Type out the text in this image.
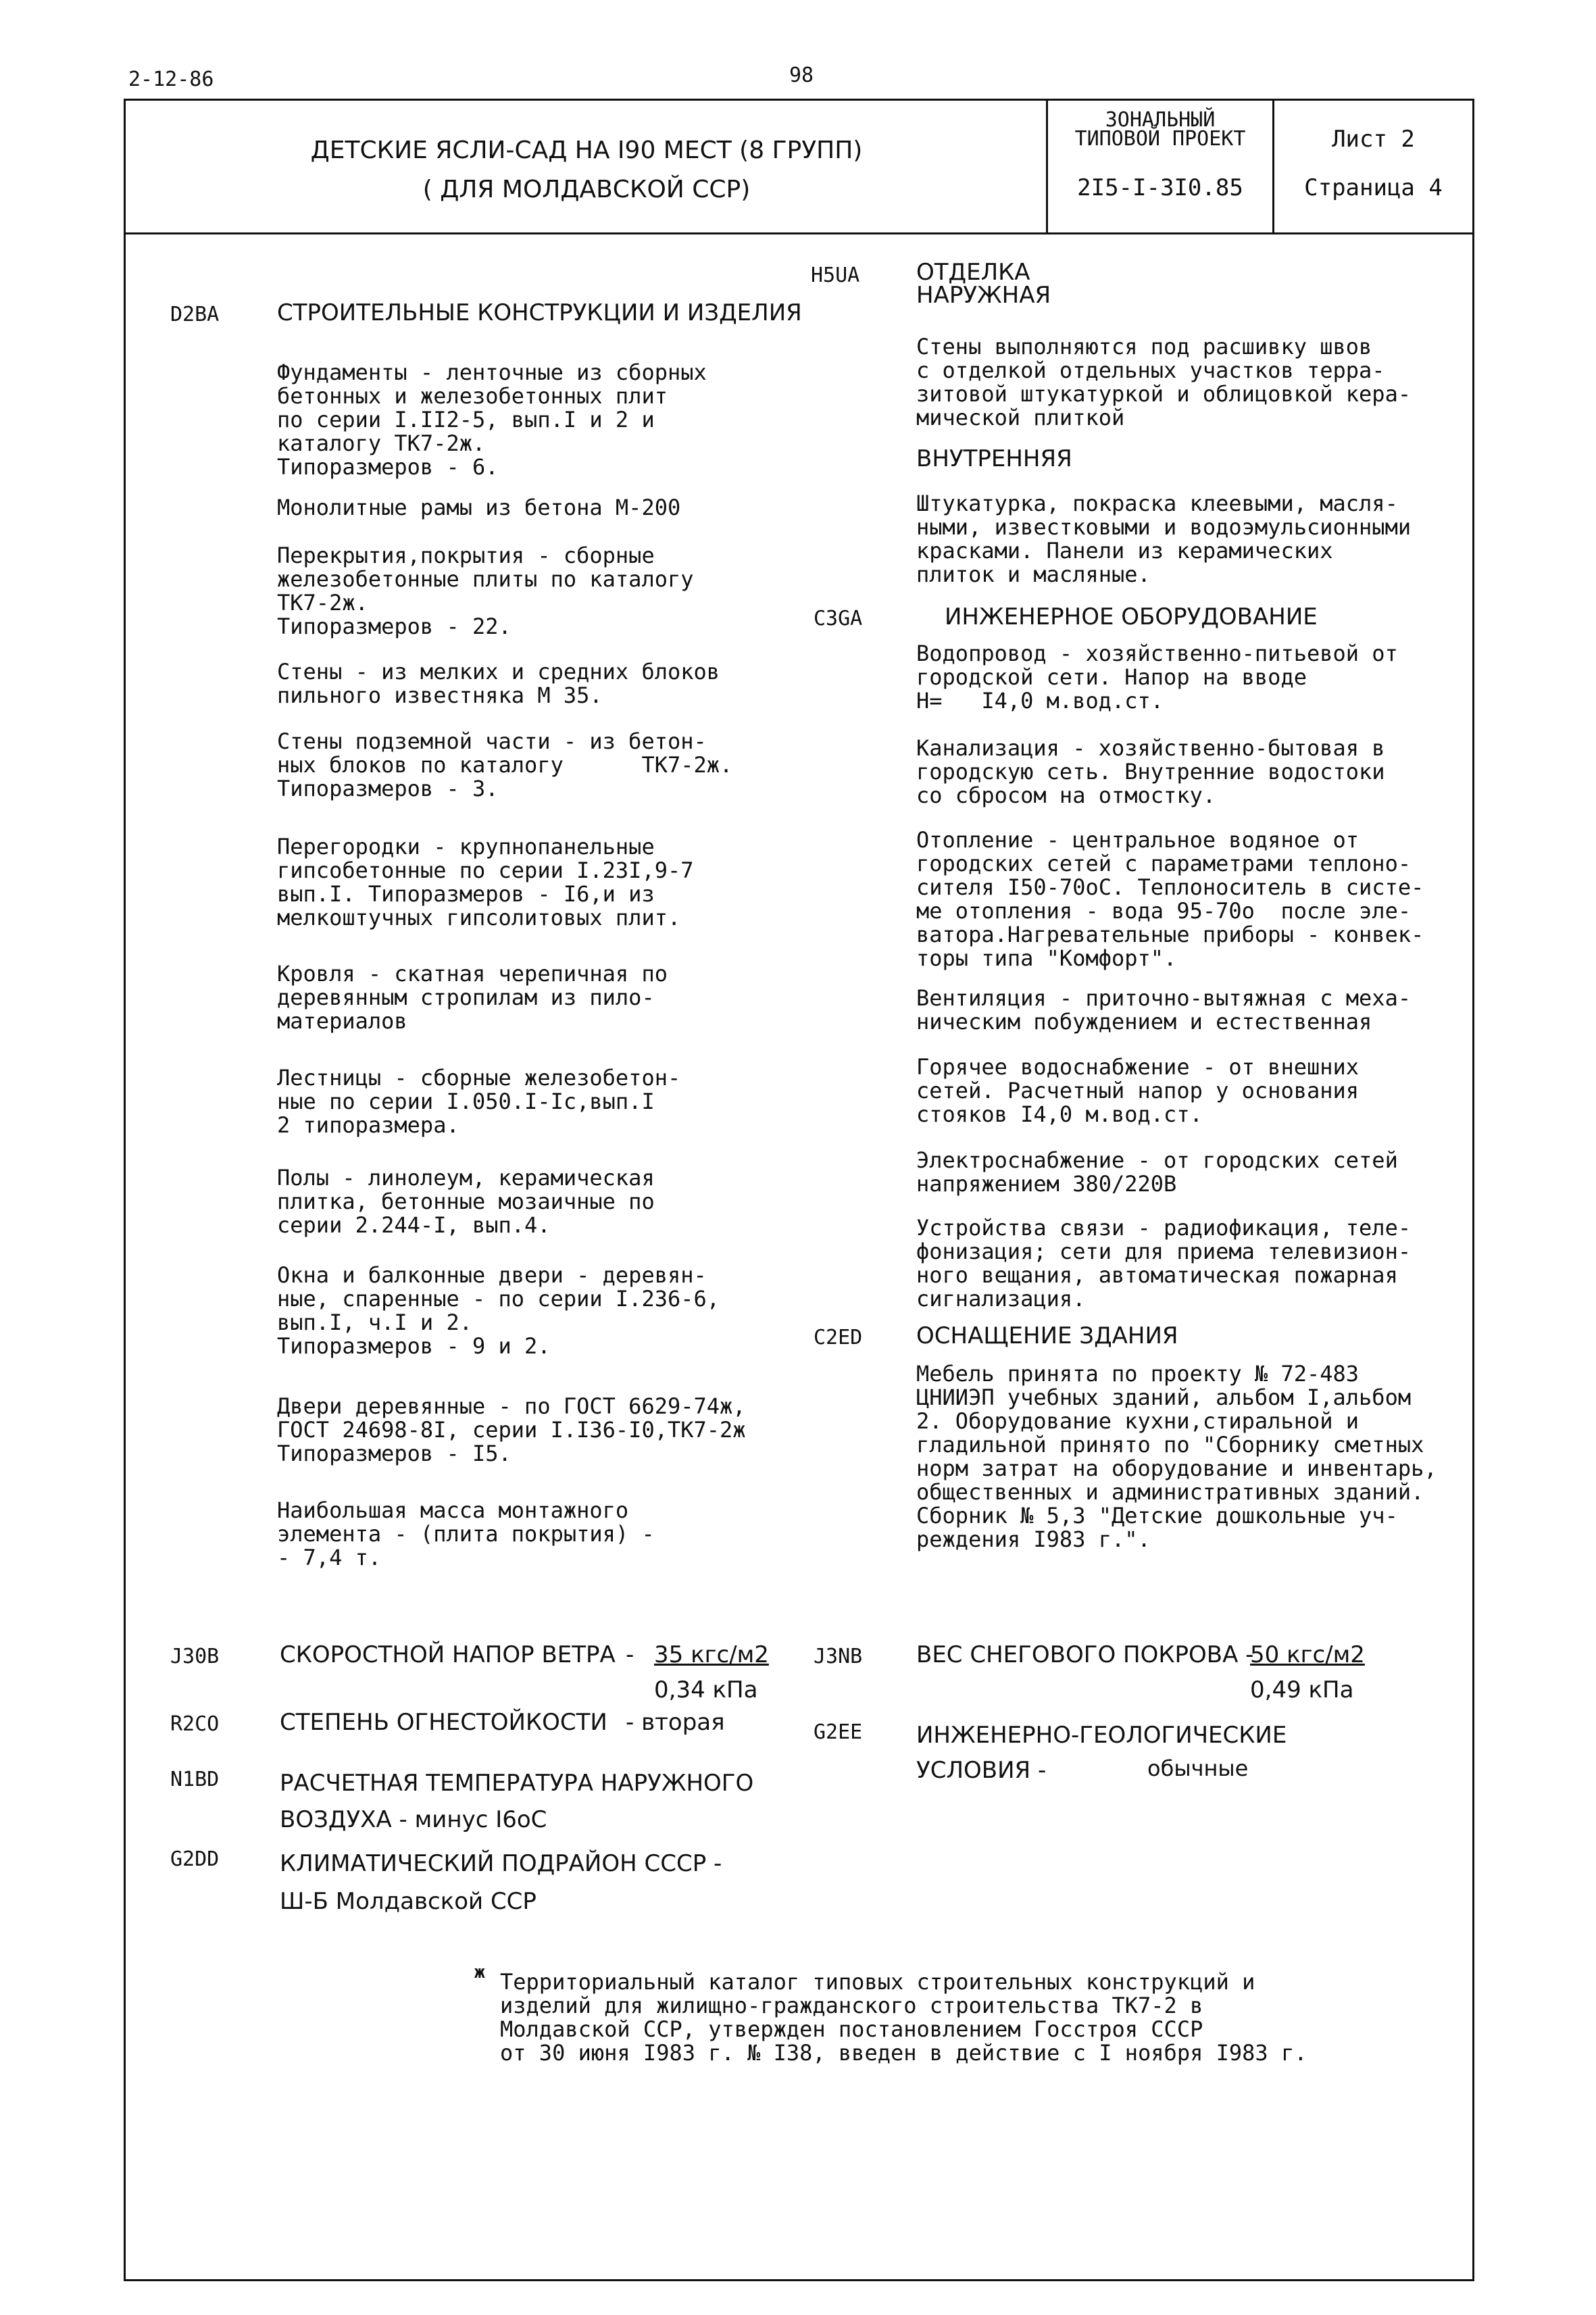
2-12-86	98
ДЕТСКИЕ ЯСЛИ-САД НА I90 МЕСТ (8 ГРУПП)
( ДЛЯ МОЛДАВСКОЙ ССР)
ЗОНАЛЬНЫЙ
ТИПОВОЙ ПРОЕКТ
2I5-I-3I0.85
Лист 2
Страница 4
D2BA	СТРОИТЕЛЬНЫЕ КОНСТРУКЦИИ И ИЗДЕЛИЯ
Фундаменты - ленточные из сборных
бетонных и железобетонных плит
по серии I.II2-5, вып.I и 2 и
каталогу ТК7-2ж.
Типоразмеров - 6.
Монолитные рамы из бетона М-200
Перекрытия,покрытия - сборные
железобетонные плиты по каталогу
ТК7-2ж.
Типоразмеров - 22.
Стены - из мелких и средних блоков
пильного известняка М 35.
Стены подземной части - из бетон-
ных блоков по каталогу      ТК7-2ж.
Типоразмеров - 3.
Перегородки - крупнопанельные
гипсобетонные по серии I.23I,9-7
вып.I. Типоразмеров - I6,и из
мелкоштучных гипсолитовых плит.
Кровля - скатная черепичная по
деревянным стропилам из пило-
материалов
Лестницы - сборные железобетон-
ные по серии I.050.I-Iс,вып.I
2 типоразмера.
Полы - линолеум, керамическая
плитка, бетонные мозаичные по
серии 2.244-I, вып.4.
Окна и балконные двери - деревян-
ные, спаренные - по серии I.236-6,
вып.I, ч.I и 2.
Типоразмеров - 9 и 2.
Двери деревянные - по ГОСТ 6629-74ж,
ГОСТ 24698-8I, серии I.I36-I0,ТК7-2ж
Типоразмеров - I5.
Наибольшая масса монтажного
элемента - (плита покрытия) -
- 7,4 т.
H5UA ОТДЕЛКА
НАРУЖНАЯ
Стены выполняются под расшивку швов
с отделкой отдельных участков терра-
зитовой штукатуркой и облицовкой кера-
мической плиткой
ВНУТРЕННЯЯ
Штукатурка, покраска клеевыми, масля-
ными, известковыми и водоэмульсионными
красками. Панели из керамических
плиток и масляные.
C3GA	ИНЖЕНЕРНОЕ ОБОРУДОВАНИЕ
Водопровод - хозяйственно-питьевой от
городской сети. Напор на вводе
Н=   I4,0 м.вод.ст.
Канализация - хозяйственно-бытовая в
городскую сеть. Внутренние водостоки
со сбросом на отмостку.
Отопление - центральное водяное от
городских сетей с параметрами теплоно-
сителя I50-70оС. Теплоноситель в систе-
ме отопления - вода 95-70о  после эле-
ватора.Нагревательные приборы - конвек-
торы типа "Комфорт".
Вентиляция - приточно-вытяжная с меха-
ническим побуждением и естественная
Горячее водоснабжение - от внешних
сетей. Расчетный напор у основания
стояков I4,0 м.вод.ст.
Электроснабжение - от городских сетей
напряжением 380/220В
Устройства связи - радиофикация, теле-
фонизация; сети для приема телевизион-
ного вещания, автоматическая пожарная
сигнализация.
C2ED ОСНАЩЕНИЕ ЗДАНИЯ
Мебель принята по проекту № 72-483
ЦНИИЭП учебных зданий, альбом I,альбом
2. Оборудование кухни,стиральной и
гладильной принято по "Сборнику сметных
норм затрат на оборудование и инвентарь,
общественных и административных зданий.
Сборник № 5,3 "Детские дошкольные уч-
реждения I983 г.".
J30B	СКОРОСТНОЙ НАПОР ВЕТРА - 35 кгс/м2
0,34 кПа
R2CO	СТЕПЕНЬ ОГНЕСТОЙКОСТИ - вторая
N1BD	РАСЧЕТНАЯ ТЕМПЕРАТУРА НАРУЖНОГО
ВОЗДУХА - минус I6оС
G2DD	КЛИМАТИЧЕСКИЙ ПОДРАЙОН СССР -
Ш-Б Молдавской ССР
J3NB ВЕС СНЕГОВОГО ПОКРОВА -
50 кгс/м2
0,49 кПа
G2EE ИНЖЕНЕРНО-ГЕОЛОГИЧЕСКИЕ
УСЛОВИЯ -	обычные
ж Территориальный каталог типовых строительных конструкций и
изделий для жилищно-гражданского строительства ТК7-2 в
Молдавской ССР, утвержден постановлением Госстроя СССР
от 30 июня I983 г. № I38, введен в действие с I ноября I983 г.
